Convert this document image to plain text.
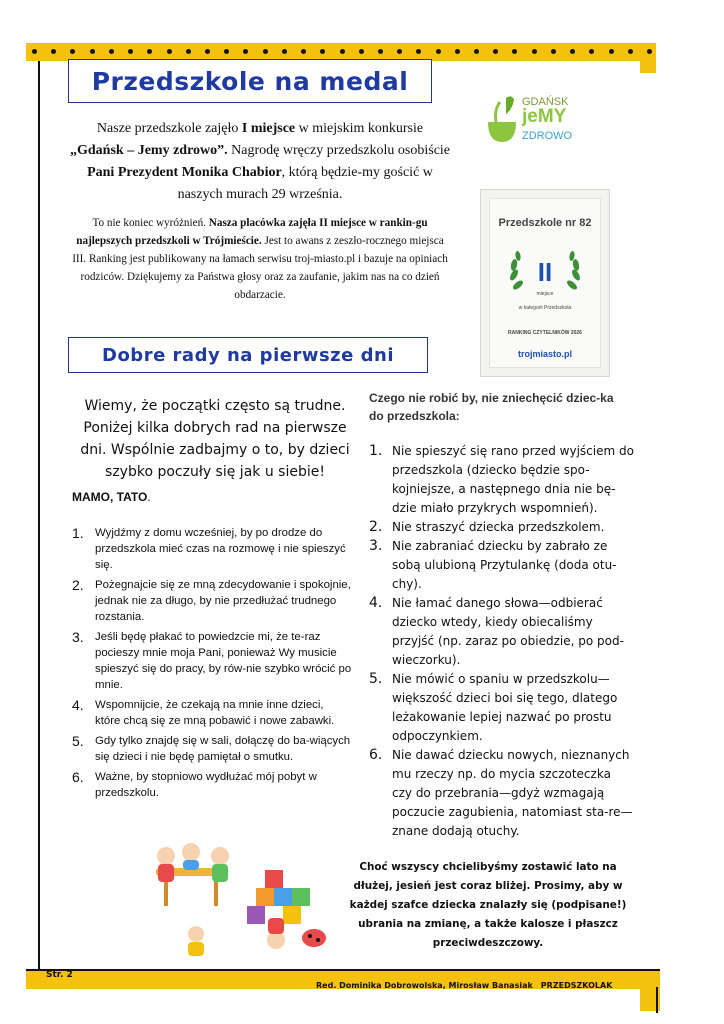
Przedszkole na medal
Nasze przedszkole zajęło I miejsce w miejskim konkursie „Gdańsk – Jemy zdrowo”. Nagrodę wręczy przedszkolu osobiście Pani Prezydent Monika Chabior, którą będzie-my gościć w naszych murach 29 września.
To nie koniec wyróżnień. Nasza placówka zajęła II miejsce w rankin-gu najlepszych przedszkoli w Trójmieście. Jest to awans z zeszło-rocznego miejsca III. Ranking jest publikowany na łamach serwisu troj-miasto.pl i bazuje na opiniach rodziców. Dziękujemy za Państwa głosy oraz za zaufanie, jakim nas na co dzień obdarzacie.
GDAŃSK
jeMY
ZDROWO
Przedszkole nr 82
II
miejsce
w kategorii Przedszkola
RANKING CZYTELNIKÓW 2026
trojmiasto.pl
Dobre rady na pierwsze dni
Wiemy, że początki często są trudne. Poniżej kilka dobrych rad na pierwsze dni. Wspólnie zadbajmy o to, by dzieci szybko poczuły się jak u siebie!
MAMO, TATO.
1. Wyjdźmy z domu wcześniej, by po drodze do przedszkola mieć czas na rozmowę i nie spieszyć się.
2. Pożegnajcie się ze mną zdecydowanie i spokojnie, jednak nie za długo, by nie przedłużać trudnego rozstania.
3. Jeśli będę płakać to powiedzcie mi, że te-raz pocieszy mnie moja Pani, ponieważ Wy musicie spieszyć się do pracy, by rów-nie szybko wrócić po mnie.
4. Wspomnijcie, że czekają na mnie inne dzieci, które chcą się ze mną pobawić i nowe zabawki.
5. Gdy tylko znajdę się w sali, dołączę do ba-wiących się dzieci i nie będę pamiętał o smutku.
6. Ważne, by stopniowo wydłużać mój pobyt w przedszkolu.
Czego nie robić by, nie zniechęcić dziec-ka do przedszkola:
1. Nie spieszyć się rano przed wyjściem do przedszkola (dziecko będzie spo-kojniejsze, a następnego dnia nie bę-dzie miało przykrych wspomnień).
2. Nie straszyć dziecka przedszkolem.
3. Nie zabraniać dziecku by zabrało ze sobą ulubioną Przytulankę (doda otu-chy).
4. Nie łamać danego słowa—odbierać dziecko wtedy, kiedy obiecaliśmy przyjść (np. zaraz po obiedzie, po pod-wieczorku).
5. Nie mówić o spaniu w przedszkolu—większość dzieci boi się tego, dlatego leżakowanie lepiej nazwać po prostu odpoczynkiem.
6. Nie dawać dziecku nowych, nieznanych mu rzeczy np. do mycia szczoteczka czy do przebrania—gdyż wzmagają poczucie zagubienia, natomiast sta-re—znane dodają otuchy.
Choć wszyscy chcielibyśmy zostawić lato na dłużej, jesień jest coraz bliżej. Prosimy, aby w każdej szafce dziecka znalazły się (podpisane!) ubrania na zmianę, a także kalosze i płaszcz przeciwdeszczowy.
Str. 2
Red. Dominika Dobrowolska, Mirosław Banasiak PRZEDSZKOLAK
